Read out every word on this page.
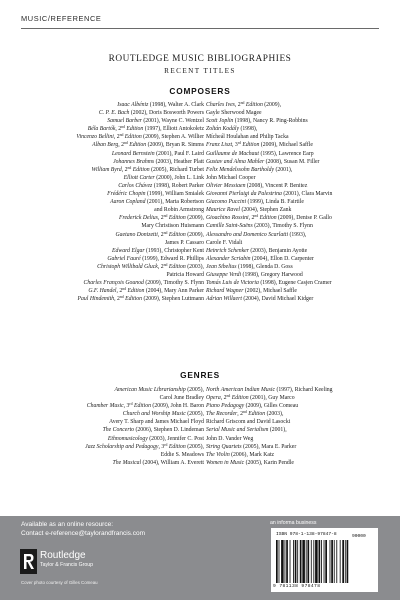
MUSIC/REFERENCE
ROUTLEDGE MUSIC BIBLIOGRAPHIES
RECENT TITLES
COMPOSERS
Isaac Albéniz (1998), Walter A. Clark
C. P. E. Bach (2002), Doris Bosworth Powers
Samuel Barber (2001), Wayne C. Wentzel
Béla Bartók, 2nd Edition (1997), Elliott Antokoletz
Vincenzo Bellini, 2nd Edition (2009), Stephen A. Willier
Alban Berg, 2nd Edition (2009), Bryan R. Simms
Leonard Bernstein (2001), Paul F. Laird
Johannes Brahms (2003), Heather Platt
William Byrd, 2nd Edition (2005), Richard Turbet
Elliott Carter (2000), John L. Link
Carlos Chávez (1998), Robert Parker
Frédéric Chopin (1999), William Smialek
Aaron Copland (2001), Marta Robertson
and Robin Armstrong
Frederick Delius, 2nd Edition (2009),
Mary Christison Huismann
Gaetano Donizetti, 2nd Edition (2009),
James P. Cassaro
Edward Elgar (1993), Christopher Kent
Gabriel Fauré (1999), Edward R. Phillips
Christoph Willibald Gluck, 2nd Edition (2003),
Patricia Howard
Charles François Gounod (2009), Timothy S. Flynn
G.F. Handel, 2nd Edition (2004), Mary Ann Parker
Paul Hindemith, 2nd Edition (2009), Stephen Luttmann
Charles Ives, 2nd Edition (2009),
Gayle Sherwood Magee
Scott Joplin (1998), Nancy R. Ping-Robbins
Zoltán Kodály (1998),
Mícheál Houlahan and Philip Tacka
Franz Liszt, 3rd Edition (2009), Michael Saffle
Guillaume de Machaut (1995), Lawrence Earp
Gustav and Alma Mahler (2008), Susan M. Filler
Felix Mendelssohn Bartholdy (2001),
John Michael Cooper
Olivier Messiaen (2008), Vincent P. Benitez
Giovanni Pierluigi da Palestrina (2001), Clara Marvin
Giacomo Puccini (1999), Linda B. Fairtile
Maurice Ravel (2004), Stephen Zank
Gioachino Rossini, 2nd Edition (2009), Denise P. Gallo
Camille Saint-Saëns (2003), Timothy S. Flynn
Alessandro and Domenico Scarlatti (1993),
Carole F. Vidali
Heinrich Schenker (2003), Benjamin Ayotte
Alexander Scriabin (2004), Ellon D. Carpenter
Jean Sibelius (1998), Glenda D. Goss
Giuseppe Verdi (1998), Gregory Harwood
Tomás Luis de Victoria (1998), Eugene Casjen Cramer
Richard Wagner (2002), Michael Saffle
Adrian Willaert (2004), David Michael Kidger
GENRES
American Music Librarianship (2005),
Carol June Bradley
Chamber Music, 3rd Edition (2009), John H. Baron
Church and Worship Music (2005),
Avery T. Sharp and James Michael Floyd
The Concerto (2006), Stephen D. Lindeman
Ethnomusicology (2003), Jennifer C. Post
Jazz Scholarship and Pedagogy, 3rd Edition (2005),
Eddie S. Meadows
The Musical (2004), William A. Everett
North American Indian Music (1997), Richard Keeling
Opera, 2nd Edition (2001), Guy Marco
Piano Pedagogy (2009), Gilles Comeau
The Recorder, 2nd Edition (2003),
Richard Griscom and David Lasocki
Serial Music and Serialism (2001),
John D. Vander Weg
String Quartets (2005), Mara E. Parker
The Violin (2006), Mark Katz
Women in Music (2005), Karin Pendle
Available as an online resource:
Contact e-reference@taylorandfrancis.com
Routledge
Taylor & Francis Group
Cover photo courtesy of Gilles Comeau
an informa business
ISBN 978-1-138-97847-8	90000
9 781138 978478
